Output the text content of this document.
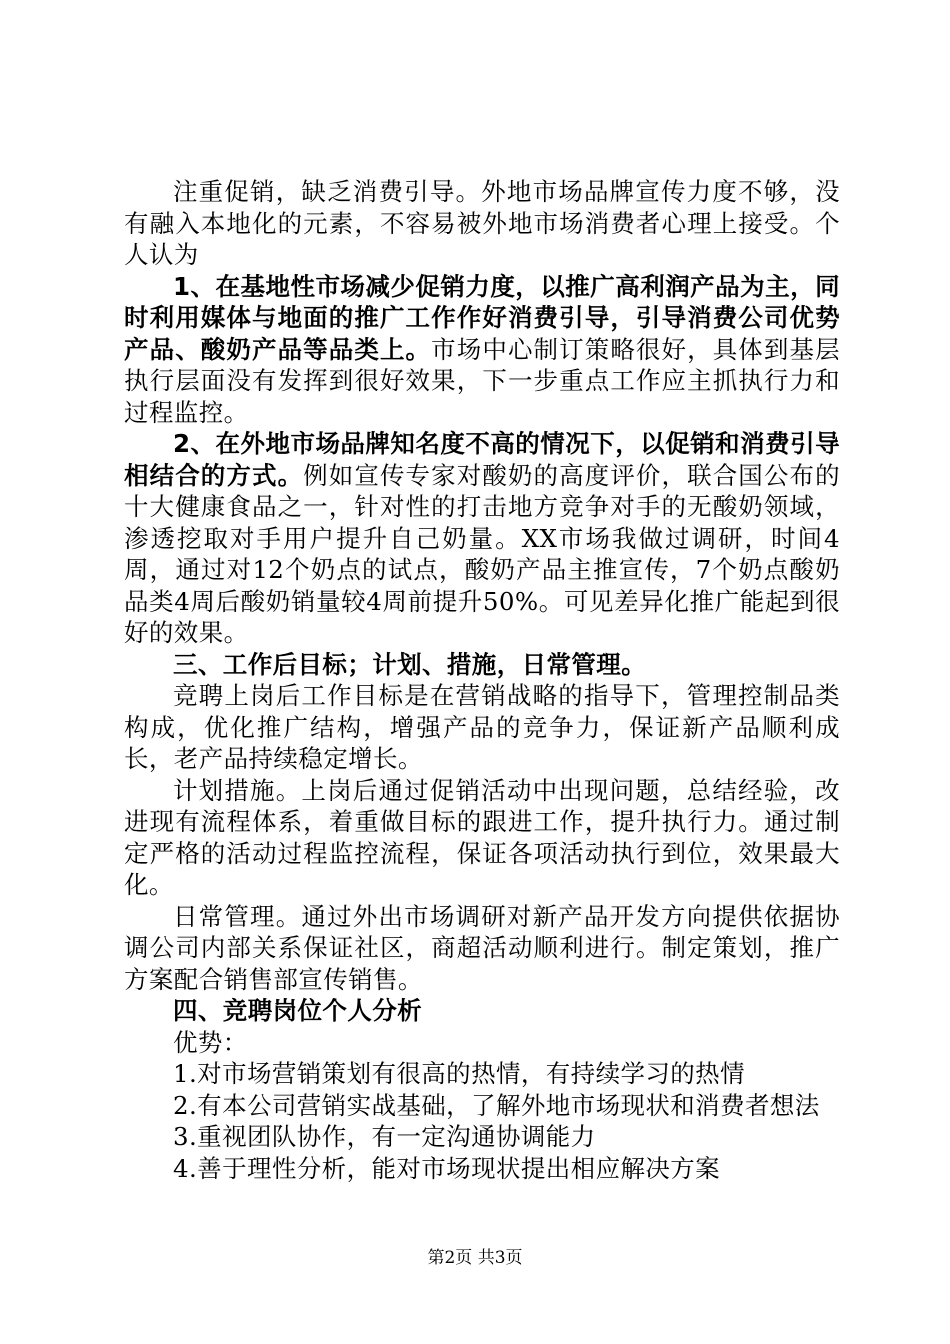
注重促销，缺乏消费引导。外地市场品牌宣传力度不够，没有融入本地化的元素，不容易被外地市场消费者心理上接受。个人认为

1、在基地性市场减少促销力度，以推广高利润产品为主，同时利用媒体与地面的推广工作作好消费引导，引导消费公司优势产品、酸奶产品等品类上。市场中心制订策略很好，具体到基层执行层面没有发挥到很好效果，下一步重点工作应主抓执行力和过程监控。

2、在外地市场品牌知名度不高的情况下，以促销和消费引导相结合的方式。例如宣传专家对酸奶的高度评价，联合国公布的十大健康食品之一，针对性的打击地方竞争对手的无酸奶领域，渗透挖取对手用户提升自己奶量。XX市场我做过调研，时间4周，通过对12个奶点的试点，酸奶产品主推宣传，7个奶点酸奶品类4周后酸奶销量较4周前提升50%。可见差异化推广能起到很好的效果。

三、工作后目标；计划、措施，日常管理。

竞聘上岗后工作目标是在营销战略的指导下，管理控制品类构成，优化推广结构，增强产品的竞争力，保证新产品顺利成长，老产品持续稳定增长。

计划措施。上岗后通过促销活动中出现问题，总结经验，改进现有流程体系，着重做目标的跟进工作，提升执行力。通过制定严格的活动过程监控流程，保证各项活动执行到位，效果最大化。

日常管理。通过外出市场调研对新产品开发方向提供依据协调公司内部关系保证社区，商超活动顺利进行。制定策划，推广方案配合销售部宣传销售。

四、竞聘岗位个人分析

优势：

1.对市场营销策划有很高的热情，有持续学习的热情

2.有本公司营销实战基础，了解外地市场现状和消费者想法

3.重视团队协作，有一定沟通协调能力

4.善于理性分析，能对市场现状提出相应解决方案

第2页 共3页
